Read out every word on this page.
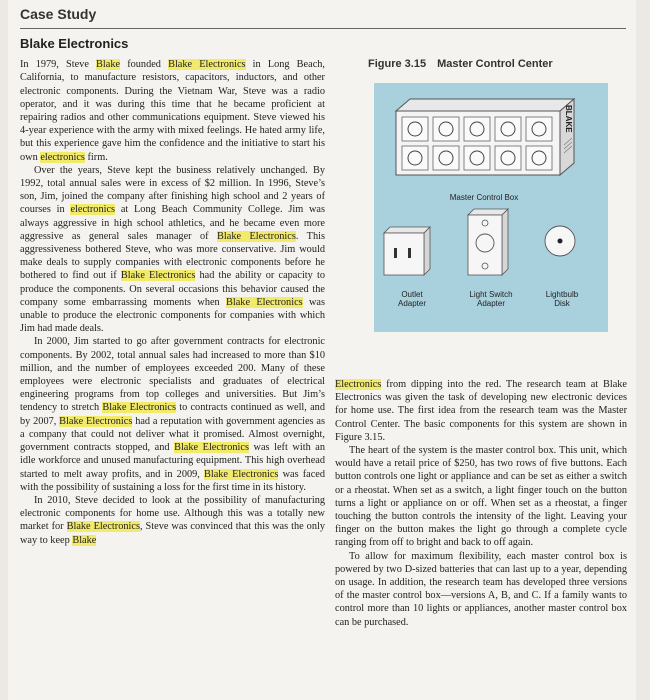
Case Study
Blake Electronics

In 1979, Steve Blake founded Blake Electronics in Long Beach, California, to manufacture resistors, capacitors, inductors, and other electronic components. During the Vietnam War, Steve was a radio operator, and it was during this time that he became proficient at repairing radios and other communications equipment. Steve viewed his 4-year experience with the army with mixed feelings. He hated army life, but this experience gave him the confidence and the initiative to start his own electronics firm.

Over the years, Steve kept the business relatively unchanged. By 1992, total annual sales were in excess of $2 million. In 1996, Steve’s son, Jim, joined the company after finishing high school and 2 years of courses in electronics at Long Beach Community College. Jim was always aggressive in high school athletics, and he became even more aggressive as general sales manager of Blake Electronics. This aggressiveness bothered Steve, who was more conservative. Jim would make deals to supply companies with electronic components before he bothered to find out if Blake Electronics had the ability or capacity to produce the components. On several occasions this behavior caused the company some embarrassing moments when Blake Electronics was unable to produce the electronic components for companies with which Jim had made deals.

In 2000, Jim started to go after government contracts for electronic components. By 2002, total annual sales had increased to more than $10 million, and the number of employees exceeded 200. Many of these employees were electronic specialists and graduates of electrical engineering programs from top colleges and universities. But Jim’s tendency to stretch Blake Electronics to contracts continued as well, and by 2007, Blake Electronics had a reputation with government agencies as a company that could not deliver what it promised. Almost overnight, government contracts stopped, and Blake Electronics was left with an idle workforce and unused manufacturing equipment. This high overhead started to melt away profits, and in 2009, Blake Electronics was faced with the possibility of sustaining a loss for the first time in its history.

In 2010, Steve decided to look at the possibility of manufacturing electronic components for home use. Although this was a totally new market for Blake Electronics, Steve was convinced that this was the only way to keep Blake

Figure 3.15 Master Control Center
BLAKE
Master Control Box
Outlet
Adapter
Light Switch
Adapter
Lightbulb
Disk

Electronics from dipping into the red. The research team at Blake Electronics was given the task of developing new electronic devices for home use. The first idea from the research team was the Master Control Center. The basic components for this system are shown in Figure 3.15.

The heart of the system is the master control box. This unit, which would have a retail price of $250, has two rows of five buttons. Each button controls one light or appliance and can be set as either a switch or a rheostat. When set as a switch, a light finger touch on the button turns a light or appliance on or off. When set as a rheostat, a finger touching the button controls the intensity of the light. Leaving your finger on the button makes the light go through a complete cycle ranging from off to bright and back to off again.

To allow for maximum flexibility, each master control box is powered by two D-sized batteries that can last up to a year, depending on usage. In addition, the research team has developed three versions of the master control box—versions A, B, and C. If a family wants to control more than 10 lights or appliances, another master control box can be purchased.
